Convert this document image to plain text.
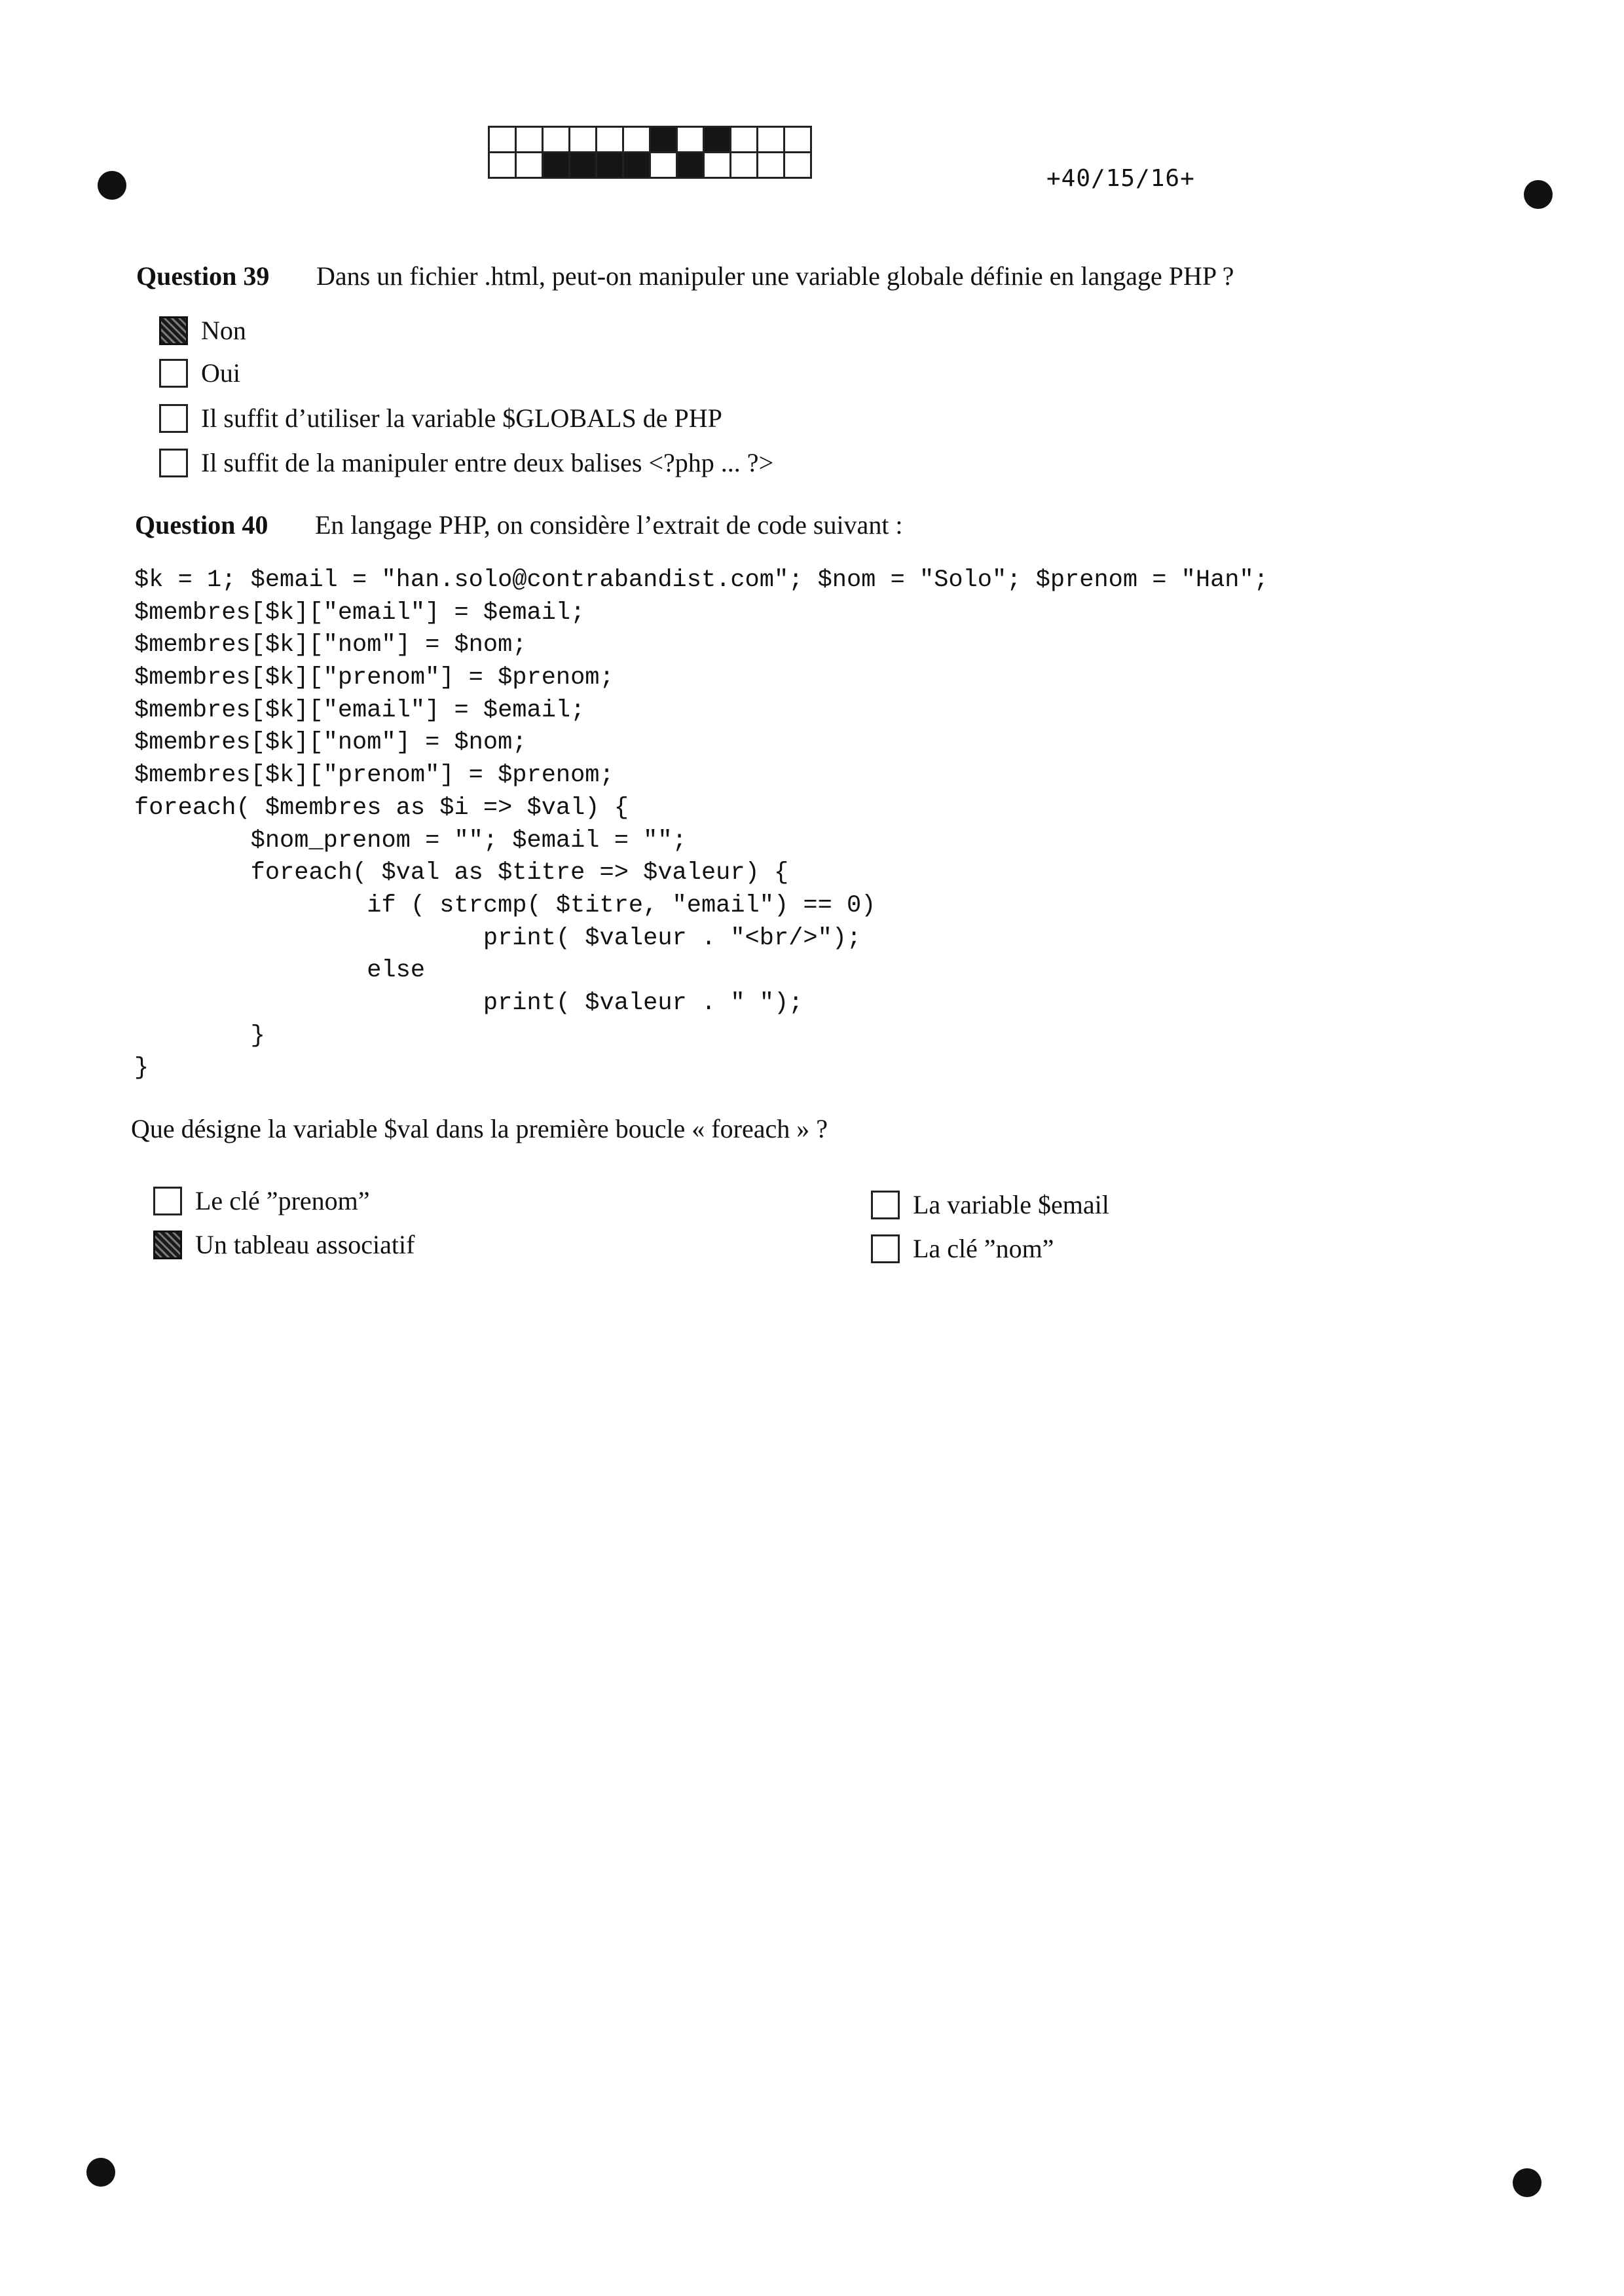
+40/15/16+
Question 39 Dans un fichier .html, peut-on manipuler une variable globale définie en langage PHP ?
Non
Oui
Il suffit d’utiliser la variable $GLOBALS de PHP
Il suffit de la manipuler entre deux balises <?php ... ?>
Question 40 En langage PHP, on considère l’extrait de code suivant :
$k = 1; $email = "han.solo@contrabandist.com"; $nom = "Solo"; $prenom = "Han";
$membres[$k]["email"] = $email;
$membres[$k]["nom"] = $nom;
$membres[$k]["prenom"] = $prenom;
$membres[$k]["email"] = $email;
$membres[$k]["nom"] = $nom;
$membres[$k]["prenom"] = $prenom;
foreach( $membres as $i => $val) {
$nom_prenom = ""; $email = "";
foreach( $val as $titre => $valeur) {
if ( strcmp( $titre, "email") == 0)
print( $valeur . "<br/>");
else
print( $valeur . " ");
}
}
Que désigne la variable $val dans la première boucle « foreach » ?
Le clé ”prenom”
Un tableau associatif
La variable $email
La clé ”nom”
